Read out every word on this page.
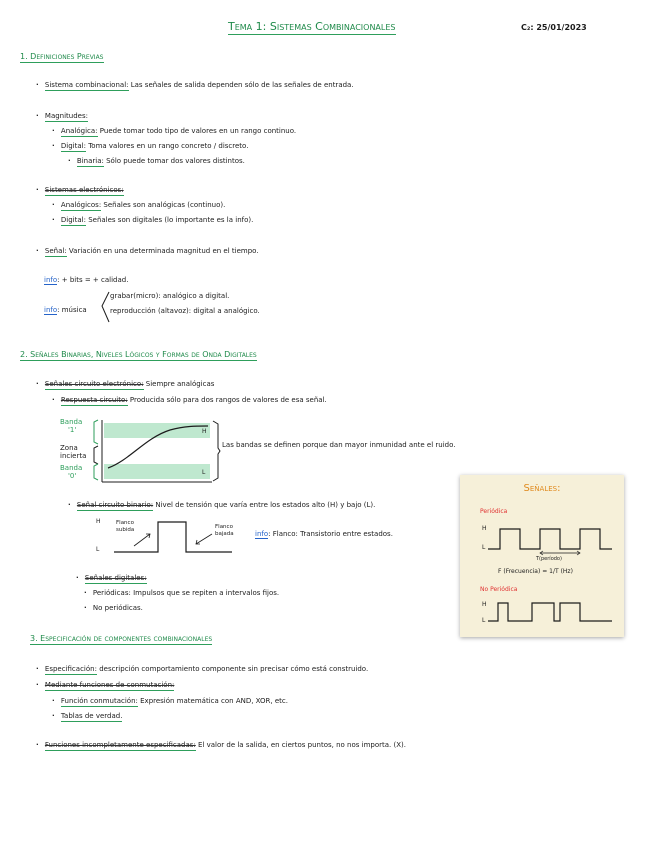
Tema 1: Sistemas Combinacionales	C₂: 25/01/2023
1. Definiciones Previas
· Sistema combinacional: Las señales de salida dependen sólo de las señales de entrada.
· Magnitudes:
· Analógica: Puede tomar todo tipo de valores en un rango continuo.
· Digital: Toma valores en un rango concreto / discreto.
· Binaria: Sólo puede tomar dos valores distintos.
· Sistemas electrónicos:
· Analógicos: Señales son analógicas (continuo).
· Digital: Señales son digitales (lo importante es la info).
· Señal: Variación en una determinada magnitud en el tiempo.
info: + bits = + calidad.
info: música
grabar(micro): analógico a digital.
reproducción (altavoz): digital a analógico.
2. Señales Binarias, Niveles Lógicos y Formas de Onda Digitales
· Señales circuito electrónico: Siempre analógicas
· Respuesta circuito: Producida sólo para dos rangos de valores de esa señal.
Banda
'1'
Zona
incierta
Banda
'0'
H
L
Las bandas se definen porque dan mayor inmunidad ante el ruido.
· Señal circuito binario: Nivel de tensión que varía entre los estados alto (H) y bajo (L).
H
L
Flanco subida	Flanco bajada	info: Flanco: Transistorio entre estados.
· Señales digitales:
· Periódicas: Impulsos que se repiten a intervalos fijos.
· No periódicas.
Señales:
Periódica
H
L
T(período)
F (Frecuencia) = 1/T (Hz)
No Periódica
H
L
3. Especificación de componentes combinacionales
· Especificación: descripción comportamiento componente sin precisar cómo está construido.
· Mediante funciones de conmutación:
· Función conmutación: Expresión matemática con AND, XOR, etc.
· Tablas de verdad.
· Funciones incompletamente especificadas: El valor de la salida, en ciertos puntos, no nos importa. (X).
